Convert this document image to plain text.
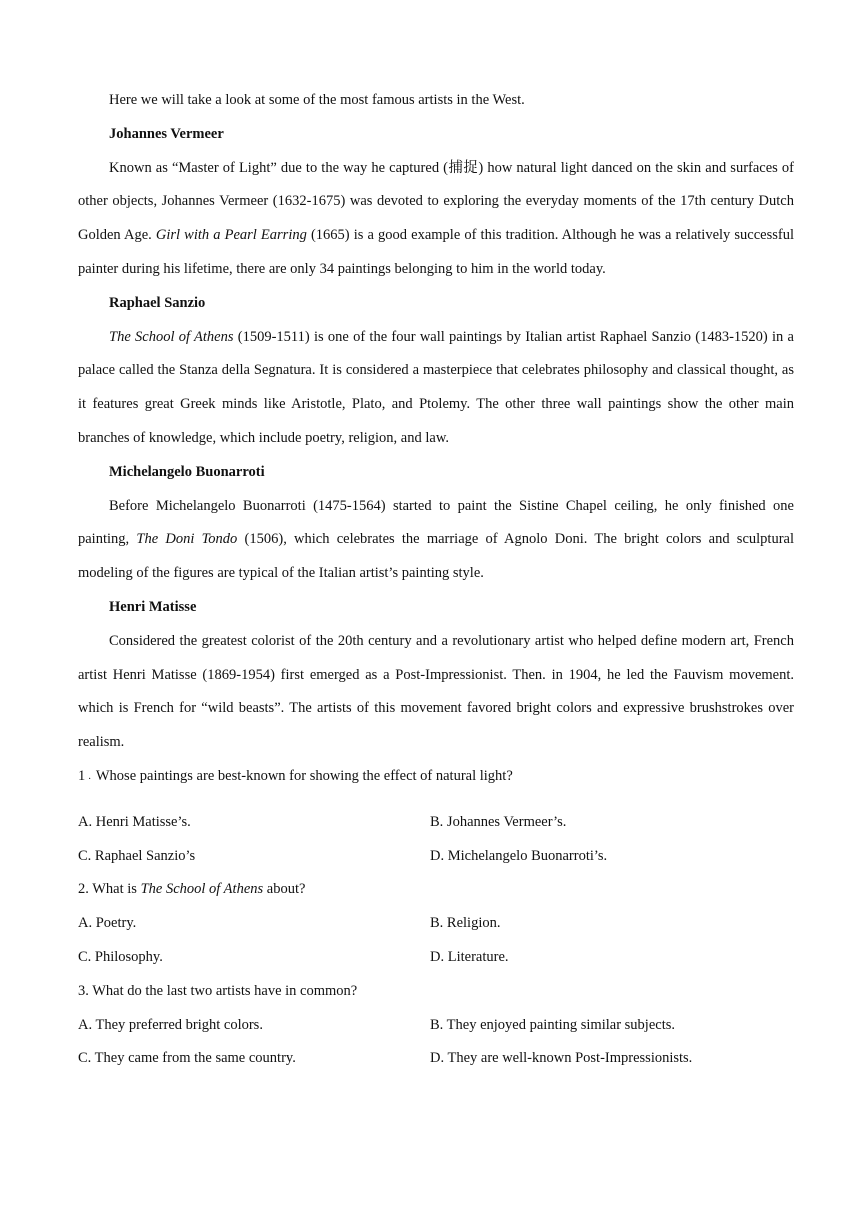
Here we will take a look at some of the most famous artists in the West.

Johannes Vermeer

Known as “Master of Light” due to the way he captured (捕捉) how natural light danced on the skin and surfaces of other objects, Johannes Vermeer (1632-1675) was devoted to exploring the everyday moments of the 17th century Dutch Golden Age. Girl with a Pearl Earring (1665) is a good example of this tradition. Although he was a relatively successful painter during his lifetime, there are only 34 paintings belonging to him in the world today.

Raphael Sanzio

The School of Athens (1509-1511) is one of the four wall paintings by Italian artist Raphael Sanzio (1483-1520) in a palace called the Stanza della Segnatura. It is considered a masterpiece that celebrates philosophy and classical thought, as it features great Greek minds like Aristotle, Plato, and Ptolemy. The other three wall paintings show the other main branches of knowledge, which include poetry, religion, and law.

Michelangelo Buonarroti

Before Michelangelo Buonarroti (1475-1564) started to paint the Sistine Chapel ceiling, he only finished one painting, The Doni Tondo (1506), which celebrates the marriage of Agnolo Doni. The bright colors and sculptural modeling of the figures are typical of the Italian artist’s painting style.

Henri Matisse

Considered the greatest colorist of the 20th century and a revolutionary artist who helped define modern art, French artist Henri Matisse (1869-1954) first emerged as a Post-Impressionist. Then. in 1904, he led the Fauvism movement. which is French for “wild beasts”. The artists of this movement favored bright colors and expressive brushstrokes over realism.

1 · Whose paintings are best-known for showing the effect of natural light?

A. Henri Matisse’s.	B. Johannes Vermeer’s.
C. Raphael Sanzio’s	D. Michelangelo Buonarroti’s.

2. What is The School of Athens about?

A. Poetry.	B. Religion.
C. Philosophy.	D. Literature.

3. What do the last two artists have in common?

A. They preferred bright colors.	B. They enjoyed painting similar subjects.
C. They came from the same country.	D. They are well-known Post-Impressionists.
